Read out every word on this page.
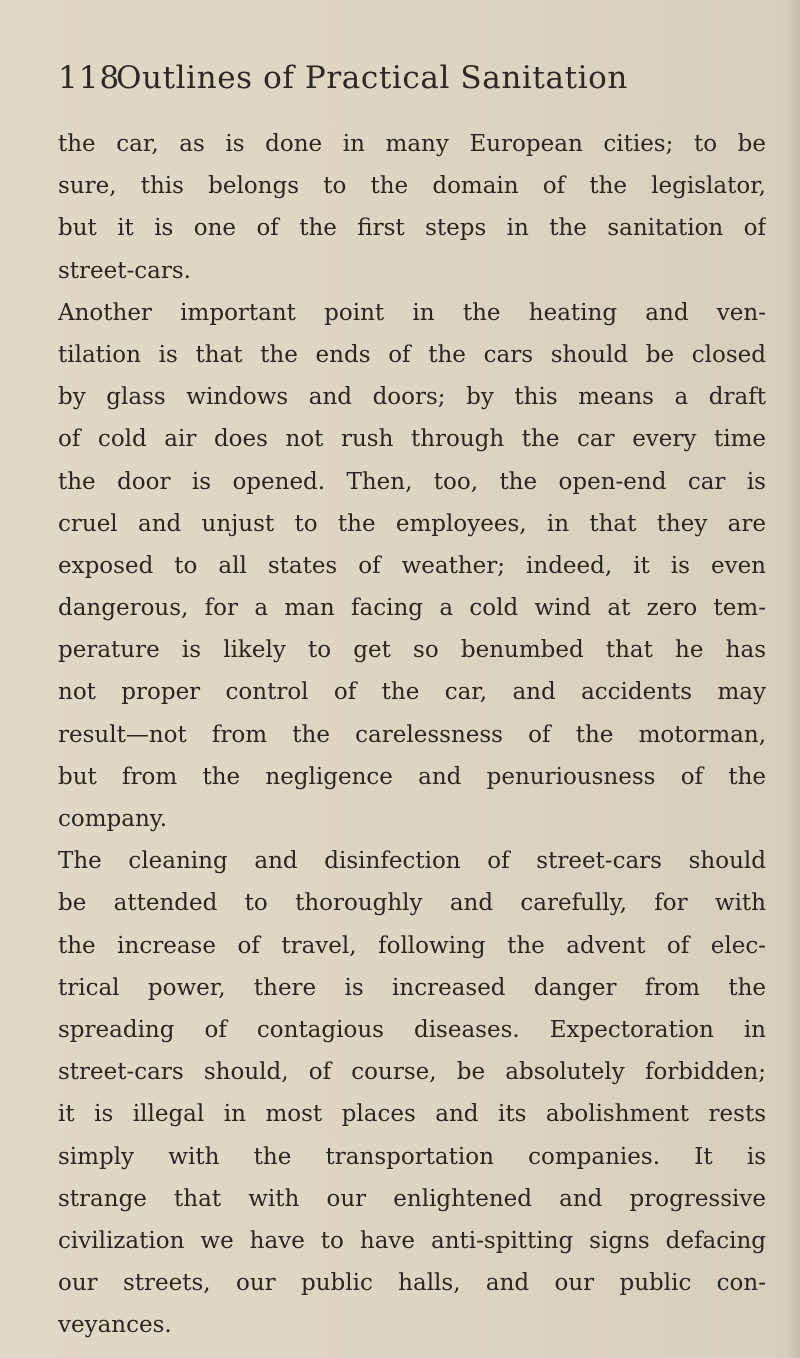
118Outlines of Practical Sanitation
the car, as is done in many European cities; to be
sure, this belongs to the domain of the legislator,
but it is one of the first steps in the sanitation of
street-cars.
Another important point in the heating and ven-
tilation is that the ends of the cars should be closed
by glass windows and doors; by this means a draft
of cold air does not rush through the car every time
the door is opened. Then, too, the open-end car is
cruel and unjust to the employees, in that they are
exposed to all states of weather; indeed, it is even
dangerous, for a man facing a cold wind at zero tem-
perature is likely to get so benumbed that he has
not proper control of the car, and accidents may
result—not from the carelessness of the motorman,
but from the negligence and penuriousness of the
company.
The cleaning and disinfection of street-cars should
be attended to thoroughly and carefully, for with
the increase of travel, following the advent of elec-
trical power, there is increased danger from the
spreading of contagious diseases. Expectoration in
street-cars should, of course, be absolutely forbidden;
it is illegal in most places and its abolishment rests
simply with the transportation companies. It is
strange that with our enlightened and progressive
civilization we have to have anti-spitting signs defacing
our streets, our public halls, and our public con-
veyances.
